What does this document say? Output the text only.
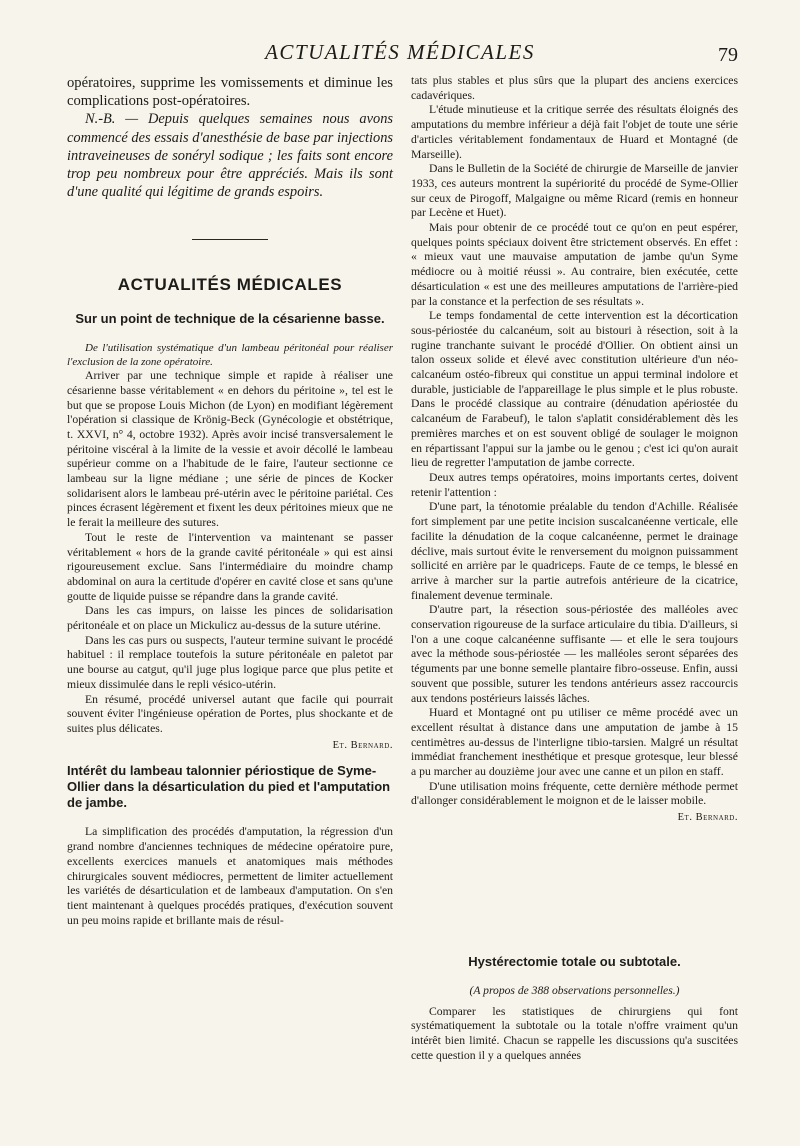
ACTUALITÉS MÉDICALES	79

opératoires, supprime les vomissements et diminue les complications post-opératoires.

N.-B. — Depuis quelques semaines nous avons commencé des essais d'anesthésie de base par injections intraveineuses de sonéryl sodique ; les faits sont encore trop peu nombreux pour être appréciés. Mais ils sont d'une qualité qui légitime de grands espoirs.

ACTUALITÉS MÉDICALES
Sur un point de technique de la césarienne basse.

De l'utilisation systématique d'un lambeau péritonéal pour réaliser l'exclusion de la zone opératoire.

Arriver par une technique simple et rapide à réaliser une césarienne basse véritablement « en dehors du péritoine », tel est le but que se propose Louis Michon (de Lyon) en modifiant légèrement l'opération si classique de Krönig-Beck (Gynécologie et obstétrique, t. XXVI, n° 4, octobre 1932). Après avoir incisé transversalement le péritoine viscéral à la limite de la vessie et avoir décollé le lambeau supérieur comme on a l'habitude de le faire, l'auteur sectionne ce lambeau sur la ligne médiane ; une série de pinces de Kocker solidarisent alors le lambeau pré-utérin avec le péritoine pariétal. Ces pinces écrasent légèrement et fixent les deux péritoines mieux que ne le ferait la meilleure des sutures.

Tout le reste de l'intervention va maintenant se passer véritablement « hors de la grande cavité péritonéale » qui est ainsi rigoureusement exclue. Sans l'intermédiaire du moindre champ abdominal on aura la certitude d'opérer en cavité close et sans qu'une goutte de liquide puisse se répandre dans la grande cavité.

Dans les cas impurs, on laisse les pinces de solidarisation péritonéale et on place un Mickulicz au-dessus de la suture utérine.

Dans les cas purs ou suspects, l'auteur termine suivant le procédé habituel : il remplace toutefois la suture péritonéale en paletot par une bourse au catgut, qu'il juge plus logique parce que plus petite et mieux dissimulée dans le repli vésico-utérin.

En résumé, procédé universel autant que facile qui pourrait souvent éviter l'ingénieuse opération de Portes, plus shockante et de suites plus délicates.

Et. Bernard.
Intérêt du lambeau talonnier périostique de Syme-Ollier dans la désarticulation du pied et l'amputation de jambe.

La simplification des procédés d'amputation, la régression d'un grand nombre d'anciennes techniques de médecine opératoire pure, excellents exercices manuels et anatomiques mais méthodes chirurgicales souvent médiocres, permettent de limiter actuellement les variétés de désarticulation et de lambeaux d'amputation. On s'en tient maintenant à quelques procédés pratiques, d'exécution souvent un peu moins rapide et brillante mais de résul-

tats plus stables et plus sûrs que la plupart des anciens exercices cadavériques.

L'étude minutieuse et la critique serrée des résultats éloignés des amputations du membre inférieur a déjà fait l'objet de toute une série d'articles véritablement fondamentaux de Huard et Montagné (de Marseille).

Dans le Bulletin de la Société de chirurgie de Marseille de janvier 1933, ces auteurs montrent la supériorité du procédé de Syme-Ollier sur ceux de Pirogoff, Malgaigne ou même Ricard (remis en honneur par Lecène et Huet).

Mais pour obtenir de ce procédé tout ce qu'on en peut espérer, quelques points spéciaux doivent être strictement observés. En effet : « mieux vaut une mauvaise amputation de jambe qu'un Syme médiocre ou à moitié réussi ». Au contraire, bien exécutée, cette désarticulation « est une des meilleures amputations de l'arrière-pied par la constance et la perfection de ses résultats ».

Le temps fondamental de cette intervention est la décortication sous-périostée du calcanéum, soit au bistouri à résection, soit à la rugine tranchante suivant le procédé d'Ollier. On obtient ainsi un talon osseux solide et élevé avec constitution ultérieure d'un néo-calcanéum ostéo-fibreux qui constitue un appui terminal indolore et durable, justiciable de l'appareillage le plus simple et le plus robuste. Dans le procédé classique au contraire (dénudation apériostée du calcanéum de Farabeuf), le talon s'aplatit considérablement dès les premières marches et on est souvent obligé de soulager le moignon en répartissant l'appui sur la jambe ou le genou ; c'est ici qu'on aurait lieu de regretter l'amputation de jambe correcte.

Deux autres temps opératoires, moins importants certes, doivent retenir l'attention :

D'une part, la ténotomie préalable du tendon d'Achille. Réalisée fort simplement par une petite incision suscalcanéenne verticale, elle facilite la dénudation de la coque calcanéenne, permet le drainage déclive, mais surtout évite le renversement du moignon puissamment sollicité en arrière par le quadriceps. Faute de ce temps, le blessé en arrive à marcher sur la partie autrefois antérieure de la cicatrice, finalement devenue terminale.

D'autre part, la résection sous-périostée des malléoles avec conservation rigoureuse de la surface articulaire du tibia. D'ailleurs, si l'on a une coque calcanéenne suffisante — et elle le sera toujours avec la méthode sous-périostée — les malléoles seront séparées des téguments par une bonne semelle plantaire fibro-osseuse. Enfin, aussi souvent que possible, suturer les tendons antérieurs assez raccourcis aux tendons postérieurs laissés lâches.

Huard et Montagné ont pu utiliser ce même procédé avec un excellent résultat à distance dans une amputation de jambe à 15 centimètres au-dessus de l'interligne tibio-tarsien. Malgré un résultat immédiat franchement inesthétique et presque grotesque, leur blessé a pu marcher au douzième jour avec une canne et un pilon en staff.

D'une utilisation moins fréquente, cette dernière méthode permet d'allonger considérablement le moignon et de le laisser mobile.

Et. Bernard.
Hystérectomie totale ou subtotale.
(A propos de 388 observations personnelles.)

Comparer les statistiques de chirurgiens qui font systématiquement la subtotale ou la totale n'offre vraiment qu'un intérêt bien limité. Chacun se rappelle les discussions qu'a suscitées cette question il y a quelques années
